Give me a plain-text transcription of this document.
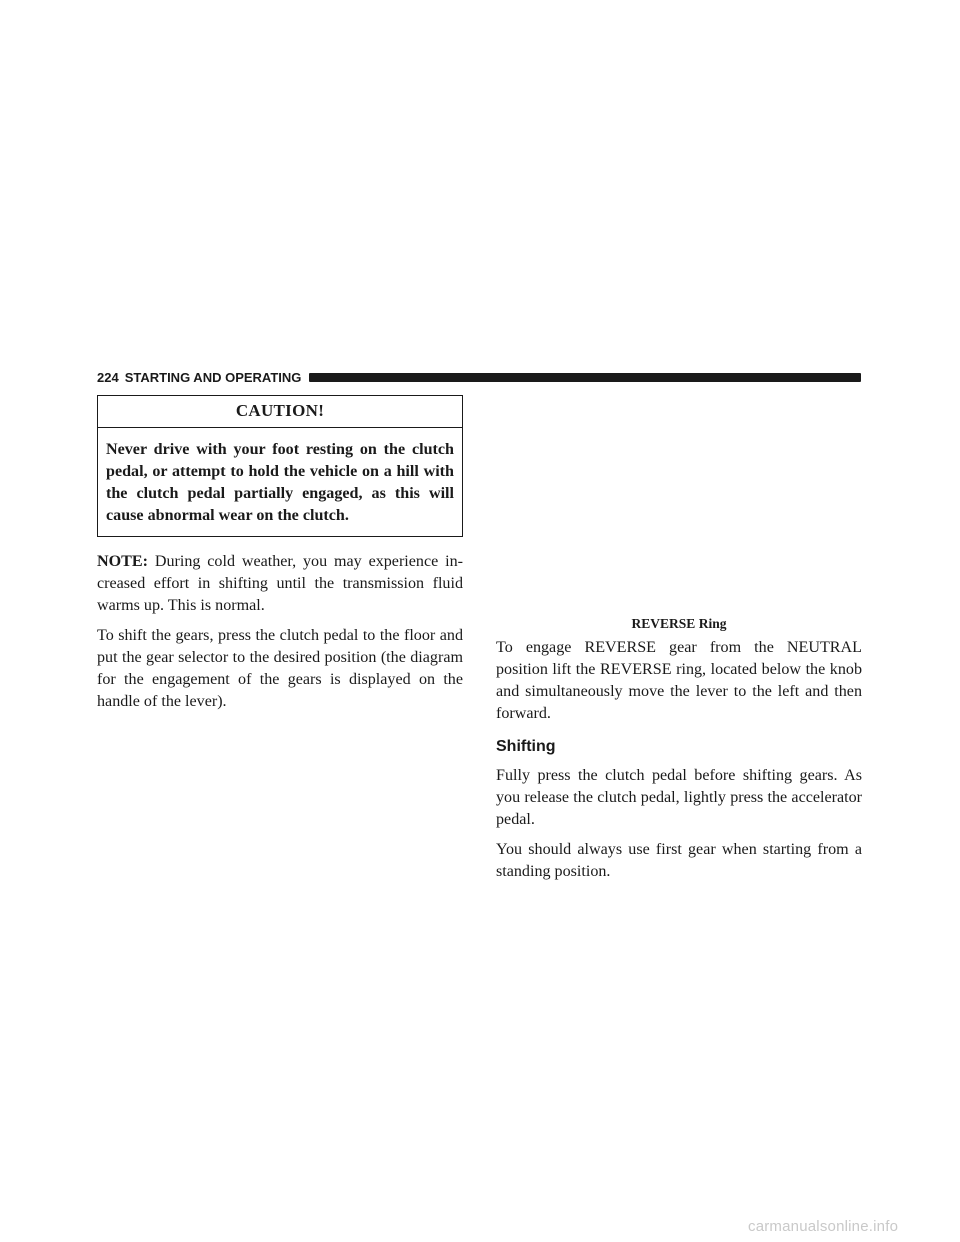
224 STARTING AND OPERATING
CAUTION!
Never drive with your foot resting on the clutch pedal, or attempt to hold the vehicle on a hill with the clutch pedal partially engaged, as this will cause abnormal wear on the clutch.

NOTE: During cold weather, you may experience increased effort in shifting until the transmission fluid warms up. This is normal.

To shift the gears, press the clutch pedal to the floor and put the gear selector to the desired position (the diagram for the engagement of the gears is displayed on the handle of the lever).

REVERSE Ring

To engage REVERSE gear from the NEUTRAL position lift the REVERSE ring, located below the knob and simultaneously move the lever to the left and then forward.

Shifting

Fully press the clutch pedal before shifting gears. As you release the clutch pedal, lightly press the accelerator pedal.

You should always use first gear when starting from a standing position.

carmanualsonline.info
